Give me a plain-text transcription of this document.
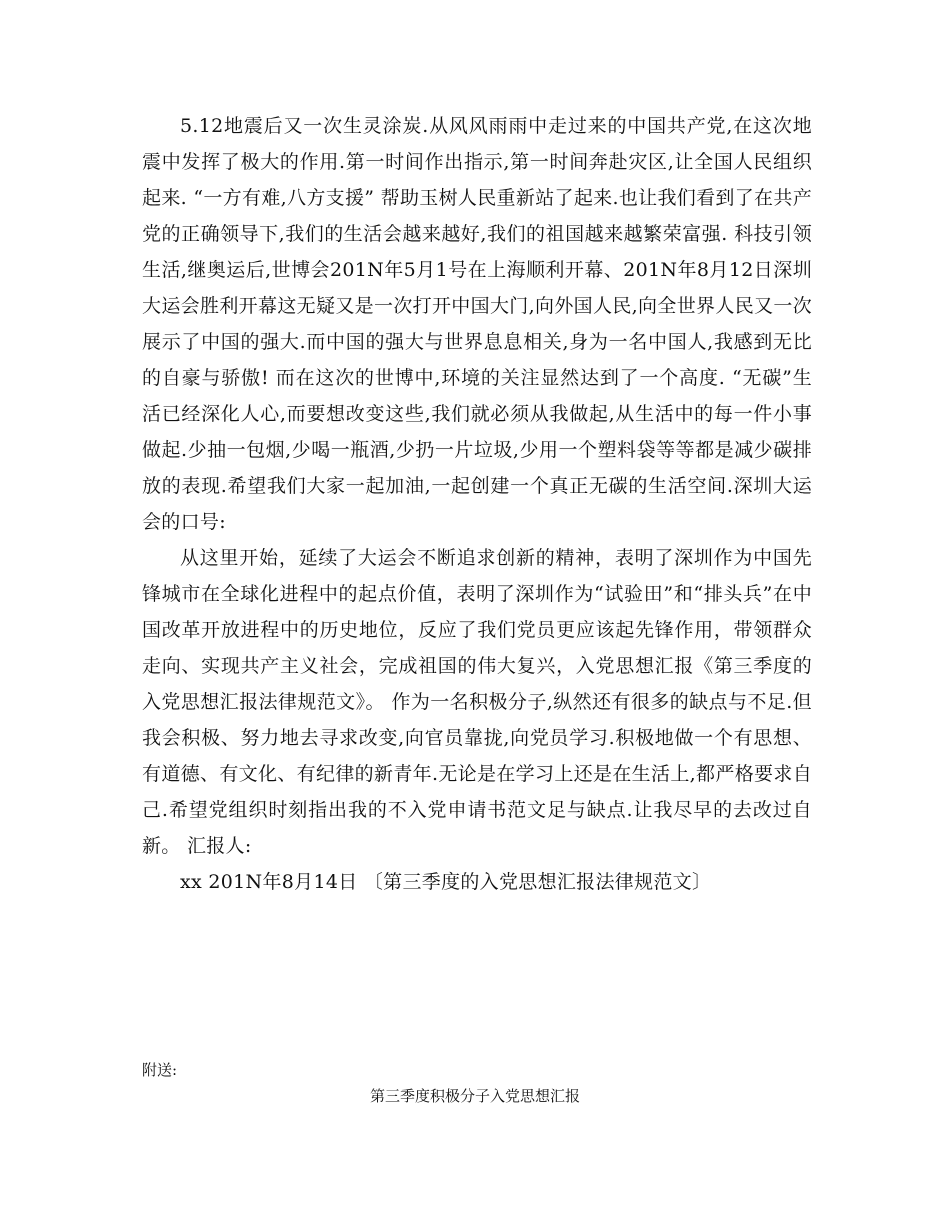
5.12地震后又一次生灵涂炭.从风风雨雨中走过来的中国共产党,在这次地震中发挥了极大的作用.第一时间作出指示,第一时间奔赴灾区,让全国人民组织起来. “一方有难,八方支援” 帮助玉树人民重新站了起来.也让我们看到了在共产党的正确领导下,我们的生活会越来越好,我们的祖国越来越繁荣富强. 科技引领生活,继奥运后,世博会201N年5月1号在上海顺利开幕、201N年8月12日深圳大运会胜利开幕这无疑又是一次打开中国大门,向外国人民,向全世界人民又一次展示了中国的强大.而中国的强大与世界息息相关,身为一名中国人,我感到无比的自豪与骄傲! 而在这次的世博中,环境的关注显然达到了一个高度. “无碳”生活已经深化人心,而要想改变这些,我们就必须从我做起,从生活中的每一件小事做起.少抽一包烟,少喝一瓶酒,少扔一片垃圾,少用一个塑料袋等等都是减少碳排放的表现.希望我们大家一起加油,一起创建一个真正无碳的生活空间.深圳大运会的口号:

从这里开始，延续了大运会不断追求创新的精神，表明了深圳作为中国先锋城市在全球化进程中的起点价值，表明了深圳作为“试验田”和“排头兵”在中国改革开放进程中的历史地位，反应了我们党员更应该起先锋作用，带领群众走向、实现共产主义社会，完成祖国的伟大复兴，入党思想汇报《第三季度的入党思想汇报法律规范文》。 作为一名积极分子,纵然还有很多的缺点与不足.但我会积极、努力地去寻求改变,向官员靠拢,向党员学习.积极地做一个有思想、有道德、有文化、有纪律的新青年.无论是在学习上还是在生活上,都严格要求自己.希望党组织时刻指出我的不入党申请书范文足与缺点.让我尽早的去改过自新。 汇报人:

xx 201N年8月14日 〔第三季度的入党思想汇报法律规范文〕

附送:
第三季度积极分子入党思想汇报
